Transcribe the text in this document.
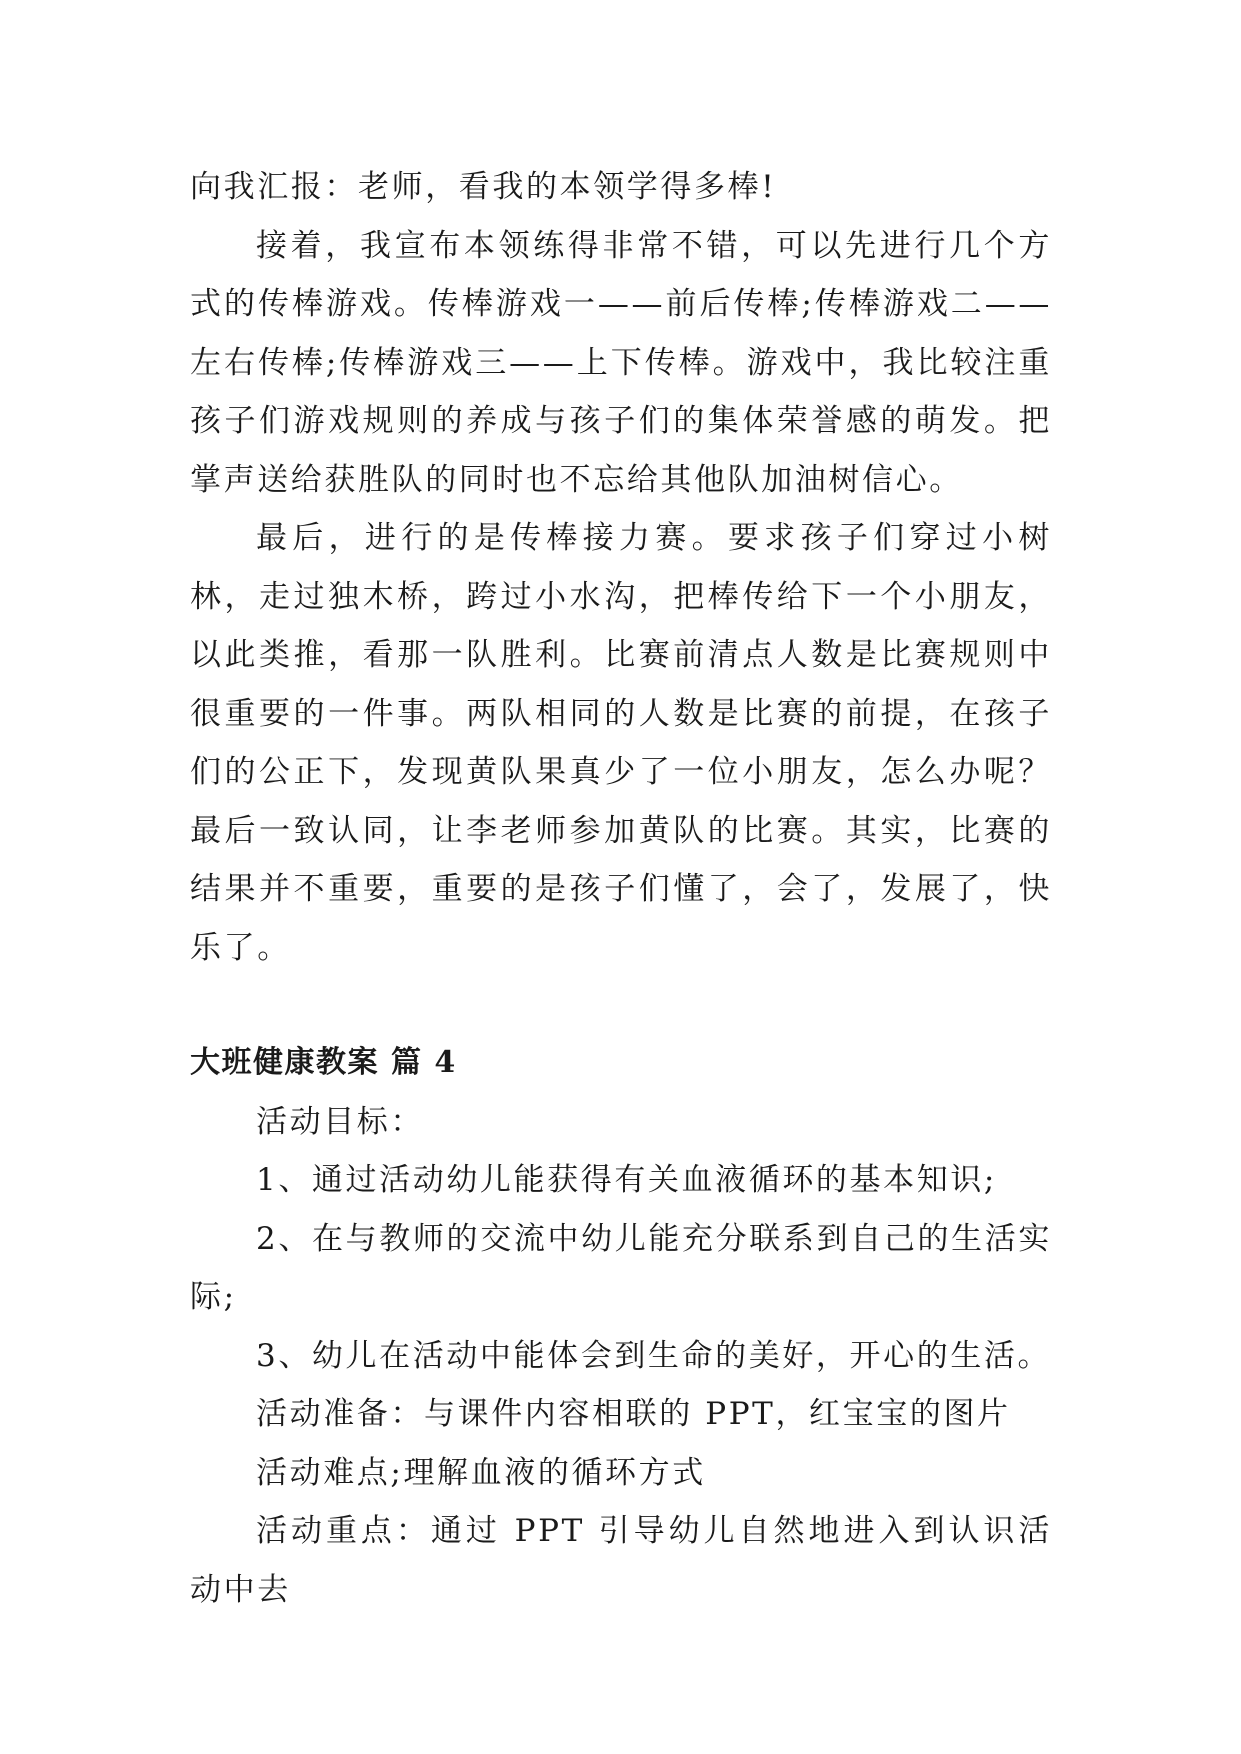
向我汇报：老师，看我的本领学得多棒!

接着，我宣布本领练得非常不错，可以先进行几个方式的传棒游戏。传棒游戏一——前后传棒;传棒游戏二——左右传棒;传棒游戏三——上下传棒。游戏中，我比较注重孩子们游戏规则的养成与孩子们的集体荣誉感的萌发。把掌声送给获胜队的同时也不忘给其他队加油树信心。

最后，进行的是传棒接力赛。要求孩子们穿过小树林，走过独木桥，跨过小水沟，把棒传给下一个小朋友，以此类推，看那一队胜利。比赛前清点人数是比赛规则中很重要的一件事。两队相同的人数是比赛的前提，在孩子们的公正下，发现黄队果真少了一位小朋友，怎么办呢？最后一致认同，让李老师参加黄队的比赛。其实，比赛的结果并不重要，重要的是孩子们懂了，会了，发展了，快乐了。

大班健康教案 篇 4

活动目标：

1、通过活动幼儿能获得有关血液循环的基本知识;

2、在与教师的交流中幼儿能充分联系到自己的生活实际;

3、幼儿在活动中能体会到生命的美好，开心的生活。

活动准备：与课件内容相联的 PPT，红宝宝的图片

活动难点;理解血液的循环方式

活动重点：通过 PPT 引导幼儿自然地进入到认识活动中去
